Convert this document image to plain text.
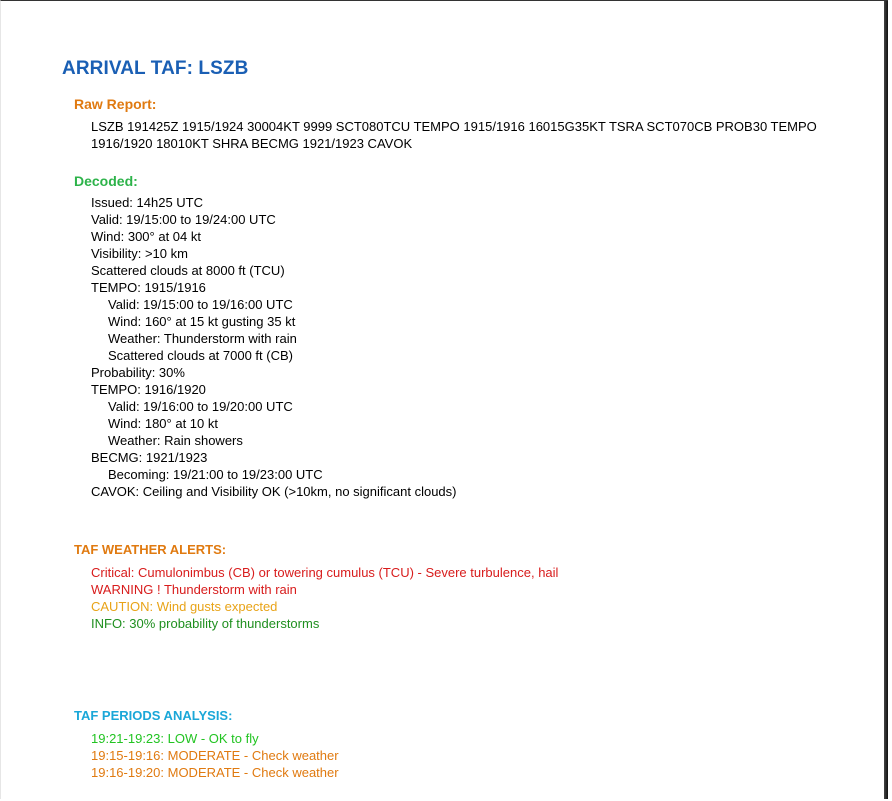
ARRIVAL TAF: LSZB
Raw Report:

LSZB 191425Z 1915/1924 30004KT 9999 SCT080TCU TEMPO 1915/1916 16015G35KT TSRA SCT070CB PROB30 TEMPO 1916/1920 18010KT SHRA BECMG 1921/1923 CAVOK

Decoded:
Issued: 14h25 UTC
Valid: 19/15:00 to 19/24:00 UTC
Wind: 300° at 04 kt
Visibility: >10 km
Scattered clouds at 8000 ft (TCU)
TEMPO: 1915/1916
Valid: 19/15:00 to 19/16:00 UTC
Wind: 160° at 15 kt gusting 35 kt
Weather: Thunderstorm with rain
Scattered clouds at 7000 ft (CB)
Probability: 30%
TEMPO: 1916/1920
Valid: 19/16:00 to 19/20:00 UTC
Wind: 180° at 10 kt
Weather: Rain showers
BECMG: 1921/1923
Becoming: 19/21:00 to 19/23:00 UTC
CAVOK: Ceiling and Visibility OK (>10km, no significant clouds)
TAF WEATHER ALERTS:
Critical: Cumulonimbus (CB) or towering cumulus (TCU) - Severe turbulence, hail
WARNING ! Thunderstorm with rain
CAUTION: Wind gusts expected
INFO: 30% probability of thunderstorms
TAF PERIODS ANALYSIS:
19:21-19:23: LOW - OK to fly
19:15-19:16: MODERATE - Check weather
19:16-19:20: MODERATE - Check weather
